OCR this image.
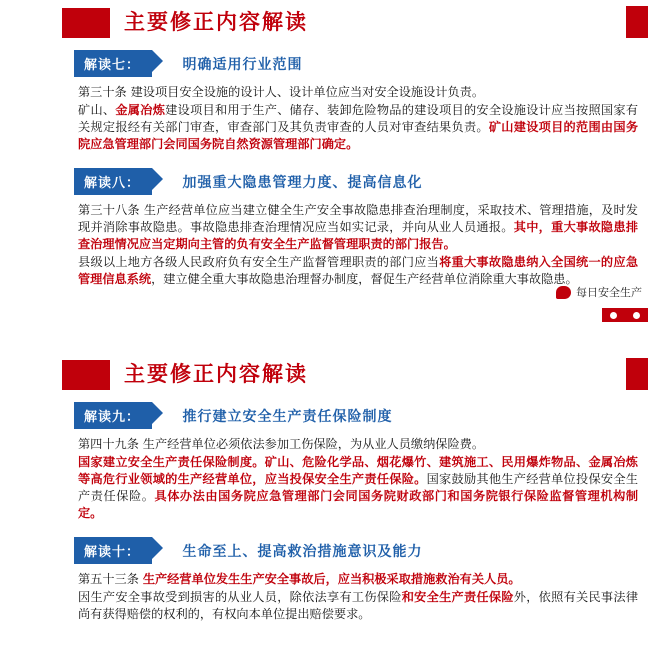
主要修正内容解读
解读七：	明确适用行业范围

第三十条 建设项目安全设施的设计人、设计单位应当对安全设施设计负责。

矿山、金属冶炼建设项目和用于生产、储存、装卸危险物品的建设项目的安全设施设计应当按照国家有关规定报经有关部门审查，审查部门及其负责审查的人员对审查结果负责。矿山建设项目的范围由国务院应急管理部门会同国务院自然资源管理部门确定。

解读八：	加强重大隐患管理力度、提高信息化

第三十八条 生产经营单位应当建立健全生产安全事故隐患排查治理制度，采取技术、管理措施，及时发现并消除事故隐患。事故隐患排查治理情况应当如实记录，并向从业人员通报。其中，重大事故隐患排查治理情况应当定期向主管的负有安全生产监督管理职责的部门报告。

县级以上地方各级人民政府负有安全生产监督管理职责的部门应当将重大事故隐患纳入全国统一的应急管理信息系统，建立健全重大事故隐患治理督办制度，督促生产经营单位消除重大事故隐患。

每日安全生产
主要修正内容解读
解读九：	推行建立安全生产责任保险制度

第四十九条 生产经营单位必须依法参加工伤保险，为从业人员缴纳保险费。

国家建立安全生产责任保险制度。矿山、危险化学品、烟花爆竹、建筑施工、民用爆炸物品、金属冶炼等高危行业领域的生产经营单位，应当投保安全生产责任保险。国家鼓励其他生产经营单位投保安全生产责任保险。具体办法由国务院应急管理部门会同国务院财政部门和国务院银行保险监督管理机构制定。

解读十：	生命至上、提高救治措施意识及能力

第五十三条 生产经营单位发生生产安全事故后，应当积极采取措施救治有关人员。

因生产安全事故受到损害的从业人员，除依法享有工伤保险和安全生产责任保险外，依照有关民事法律尚有获得赔偿的权利的，有权向本单位提出赔偿要求。
